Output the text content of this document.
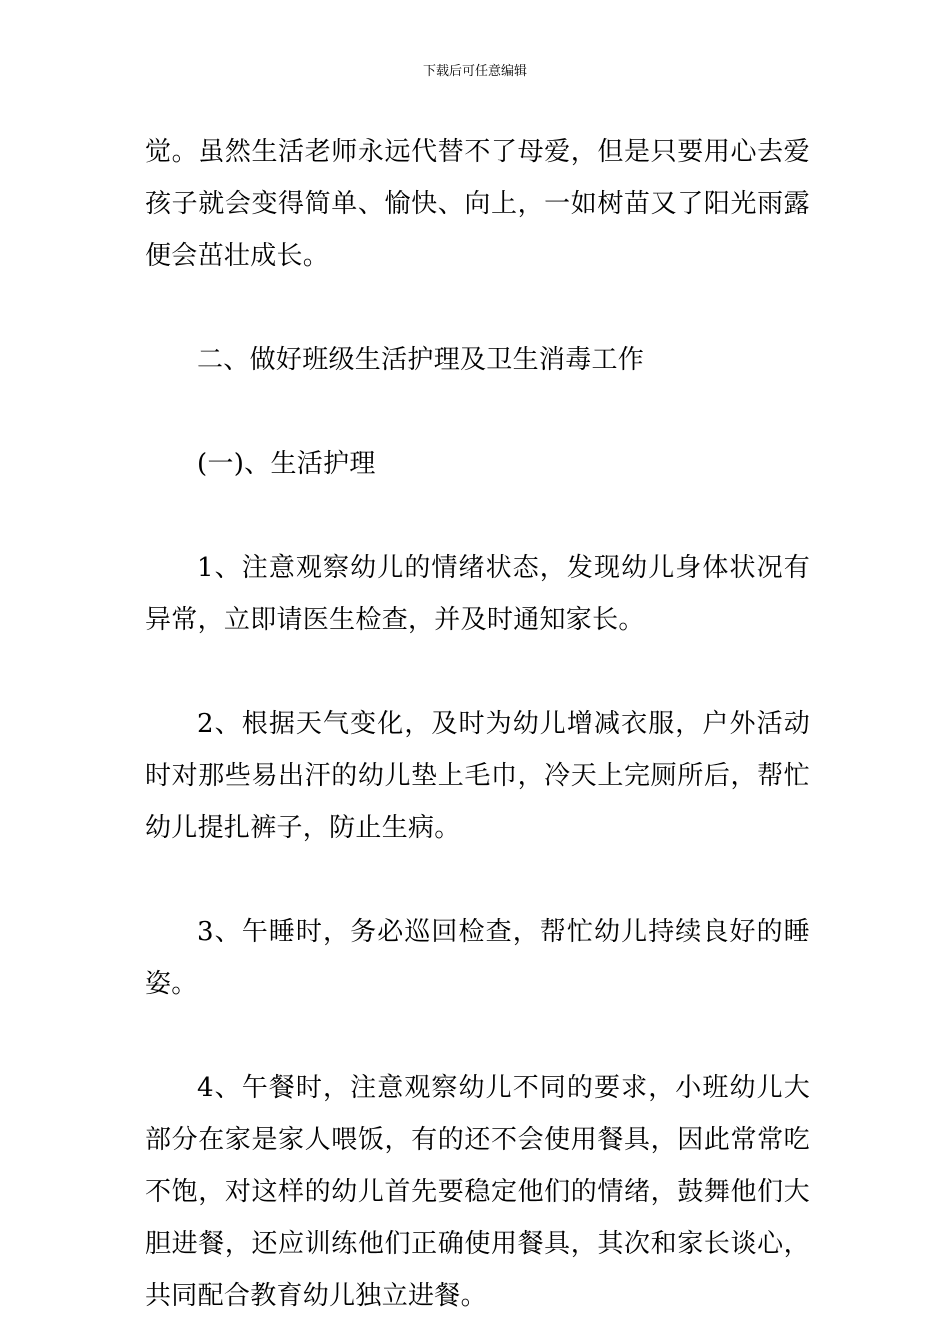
下载后可任意编辑

觉。虽然生活老师永远代替不了母爱，但是只要用心去爱孩子就会变得简单、愉快、向上，一如树苗又了阳光雨露便会茁壮成长。

二、做好班级生活护理及卫生消毒工作

(一)、生活护理

1、注意观察幼儿的情绪状态，发现幼儿身体状况有异常，立即请医生检查，并及时通知家长。

2、根据天气变化，及时为幼儿增减衣服，户外活动时对那些易出汗的幼儿垫上毛巾，冷天上完厕所后，帮忙幼儿提扎裤子，防止生病。

3、午睡时，务必巡回检查，帮忙幼儿持续良好的睡姿。

4、午餐时，注意观察幼儿不同的要求，小班幼儿大部分在家是家人喂饭，有的还不会使用餐具，因此常常吃不饱，对这样的幼儿首先要稳定他们的情绪，鼓舞他们大胆进餐，还应训练他们正确使用餐具，其次和家长谈心，共同配合教育幼儿独立进餐。
